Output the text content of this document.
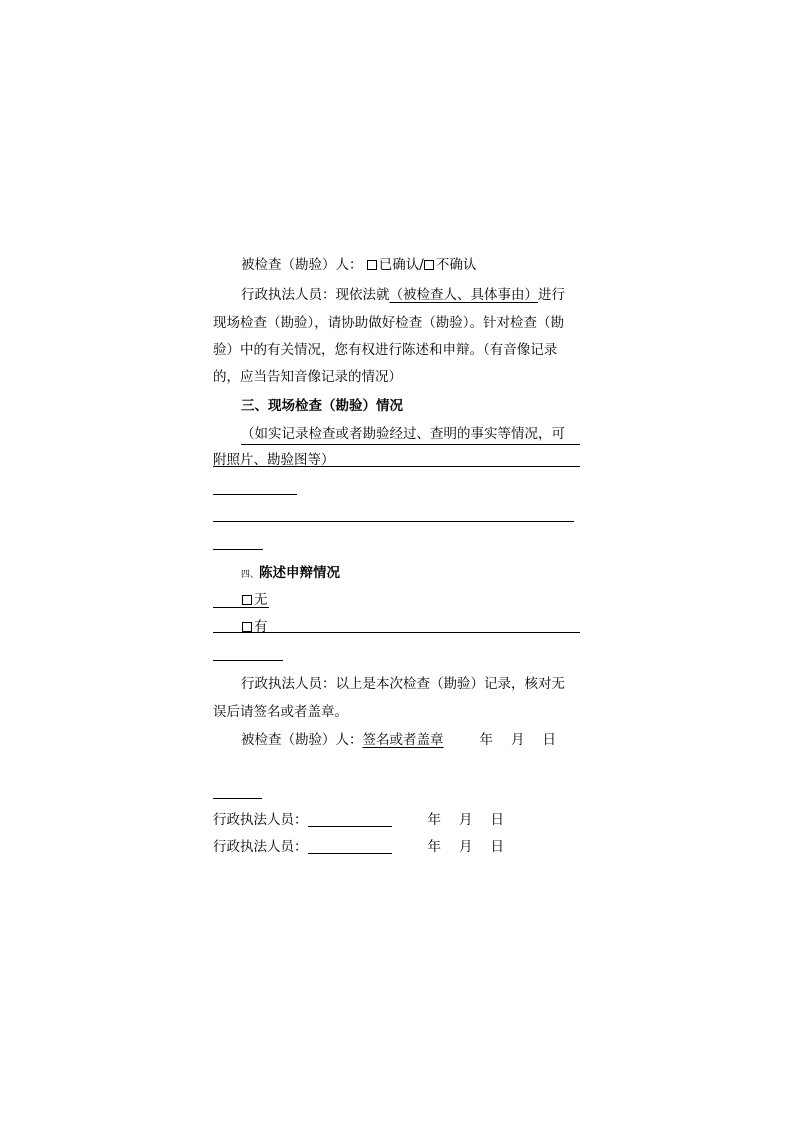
被检查（勘验）人： 已确认/ 不确认
行政执法人员：现依法就（被检查人、具体事由）进行
现场检查（勘验），请协助做好检查（勘验）。针对检查（勘
验）中的有关情况，您有权进行陈述和申辩。（有音像记录
的，应当告知音像记录的情况）
三、现场检查（勘验）情况
（如实记录检查或者勘验经过、查明的事实等情况，可
附照片、勘验图等）
四、陈述申辩情况
无
有
行政执法人员：以上是本次检查（勘验）记录，核对无
误后请签名或者盖章。
被检查（勘验）人：签名或者盖章	年 月 日
行政执法人员：	年 月 日
行政执法人员：	年 月 日
